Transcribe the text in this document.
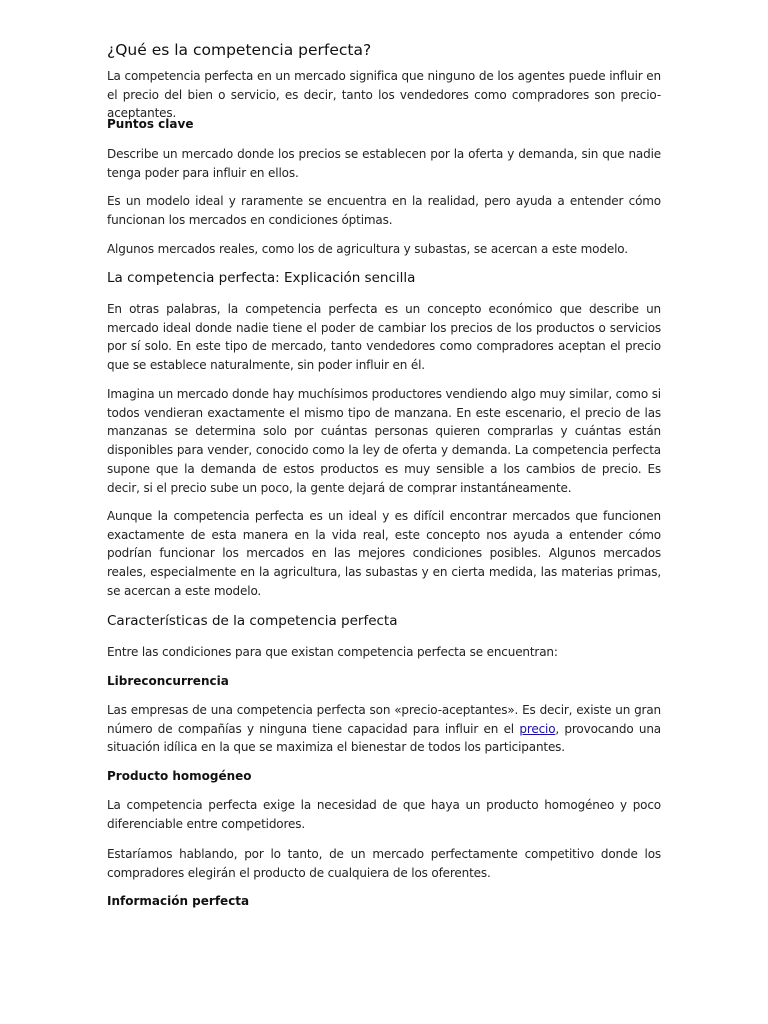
¿Qué es la competencia perfecta?

La competencia perfecta en un mercado significa que ninguno de los agentes puede influir en el precio del bien o servicio, es decir, tanto los vendedores como compradores son precio-aceptantes.

Puntos clave

Describe un mercado donde los precios se establecen por la oferta y demanda, sin que nadie tenga poder para influir en ellos.

Es un modelo ideal y raramente se encuentra en la realidad, pero ayuda a entender cómo funcionan los mercados en condiciones óptimas.

Algunos mercados reales, como los de agricultura y subastas, se acercan a este modelo.

La competencia perfecta: Explicación sencilla

En otras palabras, la competencia perfecta es un concepto económico que describe un mercado ideal donde nadie tiene el poder de cambiar los precios de los productos o servicios por sí solo. En este tipo de mercado, tanto vendedores como compradores aceptan el precio que se establece naturalmente, sin poder influir en él.

Imagina un mercado donde hay muchísimos productores vendiendo algo muy similar, como si todos vendieran exactamente el mismo tipo de manzana. En este escenario, el precio de las manzanas se determina solo por cuántas personas quieren comprarlas y cuántas están disponibles para vender, conocido como la ley de oferta y demanda. La competencia perfecta supone que la demanda de estos productos es muy sensible a los cambios de precio. Es decir, si el precio sube un poco, la gente dejará de comprar instantáneamente.

Aunque la competencia perfecta es un ideal y es difícil encontrar mercados que funcionen exactamente de esta manera en la vida real, este concepto nos ayuda a entender cómo podrían funcionar los mercados en las mejores condiciones posibles. Algunos mercados reales, especialmente en la agricultura, las subastas y en cierta medida, las materias primas, se acercan a este modelo.

Características de la competencia perfecta

Entre las condiciones para que existan competencia perfecta se encuentran:

Libreconcurrencia

Las empresas de una competencia perfecta son «precio-aceptantes». Es decir, existe un gran número de compañías y ninguna tiene capacidad para influir en el precio, provocando una situación idílica en la que se maximiza el bienestar de todos los participantes.

Producto homogéneo

La competencia perfecta exige la necesidad de que haya un producto homogéneo y poco diferenciable entre competidores.

Estaríamos hablando, por lo tanto, de un mercado perfectamente competitivo donde los compradores elegirán el producto de cualquiera de los oferentes.

Información perfecta
